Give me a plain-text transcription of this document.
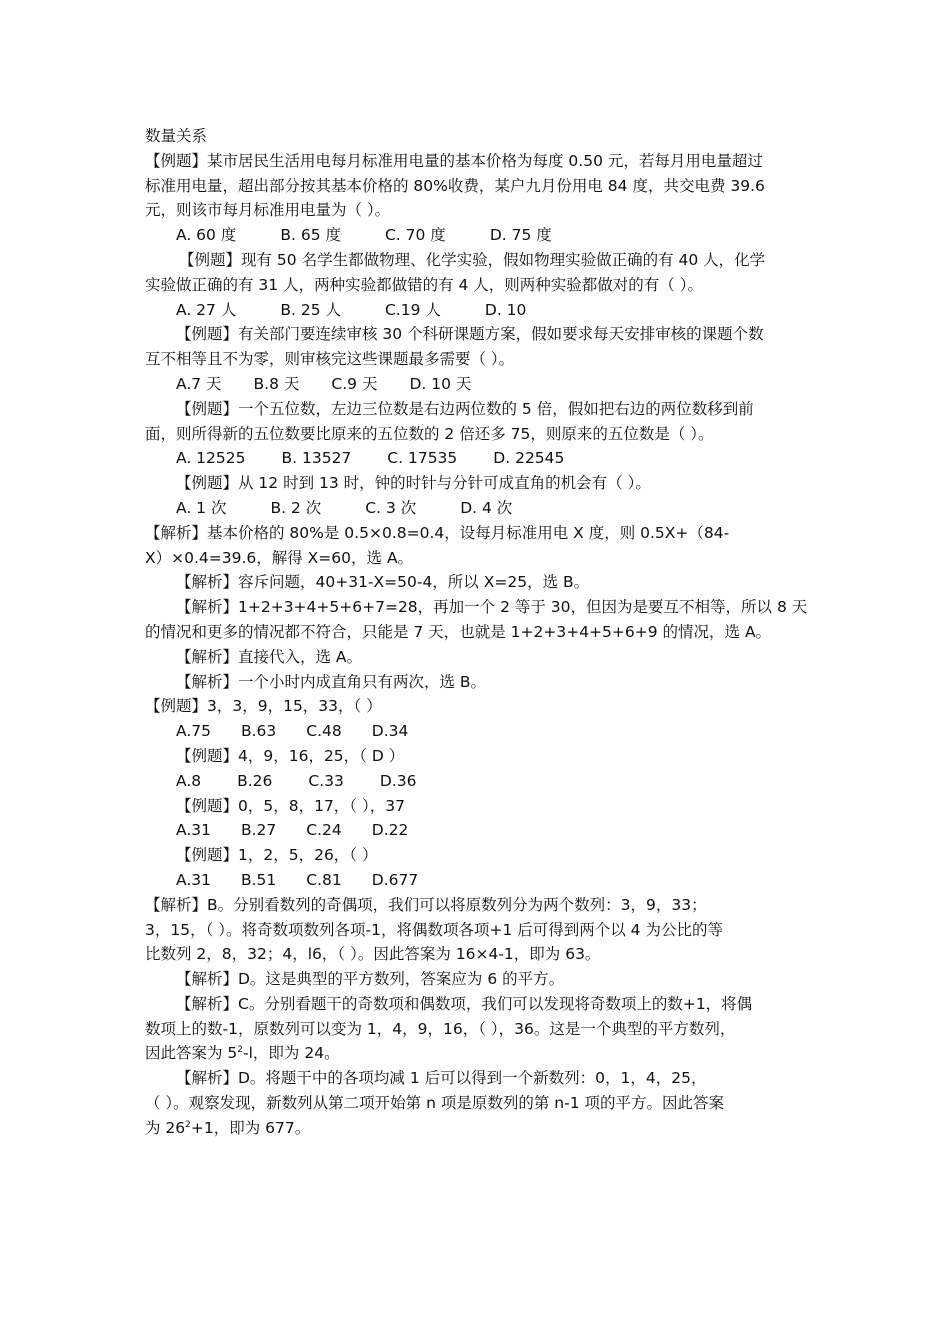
数量关系
【例题】某市居民生活用电每月标准用电量的基本价格为每度 0.50 元，若每月用电量超过
标准用电量，超出部分按其基本价格的 80%收费，某户九月份用电 84 度，共交电费 39.6
元，则该市每月标准用电量为（ ）。
A. 60 度	B. 65 度	C. 70 度	D. 75 度
【例题】现有 50 名学生都做物理、化学实验，假如物理实验做正确的有 40 人，化学
实验做正确的有 31 人，两种实验都做错的有 4 人，则两种实验都做对的有（ ）。
A. 27 人	B. 25 人	C.19 人	D. 10
【例题】有关部门要连续审核 30 个科研课题方案，假如要求每天安排审核的课题个数
互不相等且不为零，则审核完这些课题最多需要（ ）。
A.7 天 B.8 天 C.9 天 D. 10 天
【例题】一个五位数，左边三位数是右边两位数的 5 倍，假如把右边的两位数移到前
面，则所得新的五位数要比原来的五位数的 2 倍还多 75，则原来的五位数是（ ）。
A. 12525 B. 13527 C. 17535 D. 22545
【例题】从 12 时到 13 时，钟的时针与分针可成直角的机会有（ ）。
A. 1 次	B. 2 次	C. 3 次	D. 4 次
【解析】基本价格的 80%是 0.5×0.8=0.4，设每月标准用电 X 度，则 0.5X+（84-
X）×0.4=39.6，解得 X=60，选 A。
【解析】容斥问题，40+31-X=50-4，所以 X=25，选 B。
【解析】1+2+3+4+5+6+7=28，再加一个 2 等于 30，但因为是要互不相等，所以 8 天
的情况和更多的情况都不符合，只能是 7 天，也就是 1+2+3+4+5+6+9 的情况，选 A。
【解析】直接代入，选 A。
【解析】一个小时内成直角只有两次，选 B。
【例题】3，3，9，15，33，（ ）
A.75 B.63 C.48 D.34
【例题】4，9，16，25，（ D ）
A.8 B.26 C.33 D.36
【例题】0，5，8，17，（ ），37
A.31 B.27 C.24 D.22
【例题】1，2，5，26，（ ）
A.31 B.51 C.81 D.677
【解析】B。分别看数列的奇偶项，我们可以将原数列分为两个数列：3，9，33；
3，15，（ ）。将奇数项数列各项-1，将偶数项各项+1 后可得到两个以 4 为公比的等
比数列 2，8，32；4，l6，（ ）。因此答案为 16×4-1，即为 63。
【解析】D。这是典型的平方数列，答案应为 6 的平方。
【解析】C。分别看题干的奇数项和偶数项，我们可以发现将奇数项上的数+1，将偶
数项上的数-1，原数列可以变为 1，4，9，16，（ ），36。这是一个典型的平方数列，
因此答案为 $5^2-l$，即为 24。
【解析】D。将题干中的各项均减 1 后可以得到一个新数列：0，1，4，25，
（ ）。观察发现，新数列从第二项开始第 n 项是原数列的第 n-1 项的平方。因此答案
为 $26^2+1$，即为 677。
